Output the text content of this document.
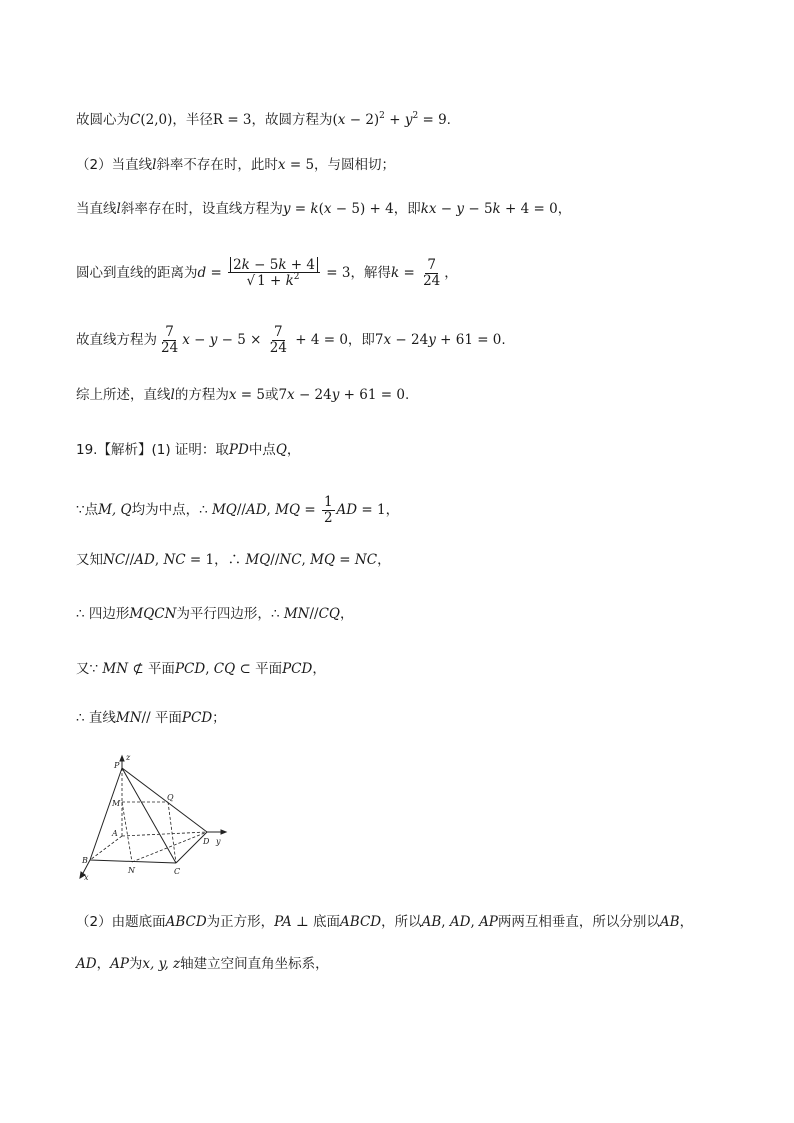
故圆心为C(2,0)，半径R = 3，故圆方程为$(x - 2)^2 + y^2 = 9$.
（2）当直线l斜率不存在时，此时x = 5，与圆相切；
当直线l斜率存在时，设直线方程为y = k(x − 5) + 4，即kx − y − 5k + 4 = 0，
圆心到直线的距离为$d = \frac{2k - 5k + 4}{√ 1 + k^2} = 3$，解得$k = \frac{7}{24}$ ，
故直线方程为 $\frac{7}{24}$ $x - y - 5 \times \frac{7}{24} + 4 = 0$，即7x − 24y + 61 = 0.
综上所述，直线l的方程为x = 5或7x − 24y + 61 = 0.
19.【解析】(1) 证明：取PD中点Q，
∵点M, Q均为中点，∴ MQ//AD, MQ = $\frac{1}{2}$ AD = 1，
又知NC//AD, NC = 1，∴ MQ//NC, MQ = NC，
∴ 四边形MQCN为平行四边形，∴ MN//CQ，
又∵ MN ⊄ 平面PCD, CQ ⊂ 平面PCD，
∴ 直线MN// 平面PCD；
P
z
M
Q
A
D y
B
N	C
x
（2）由题底面ABCD为正方形，PA ⊥ 底面ABCD，所以AB, AD, AP两两互相垂直，所以分别以AB，
AD，AP为x, y, z轴建立空间直角坐标系，
